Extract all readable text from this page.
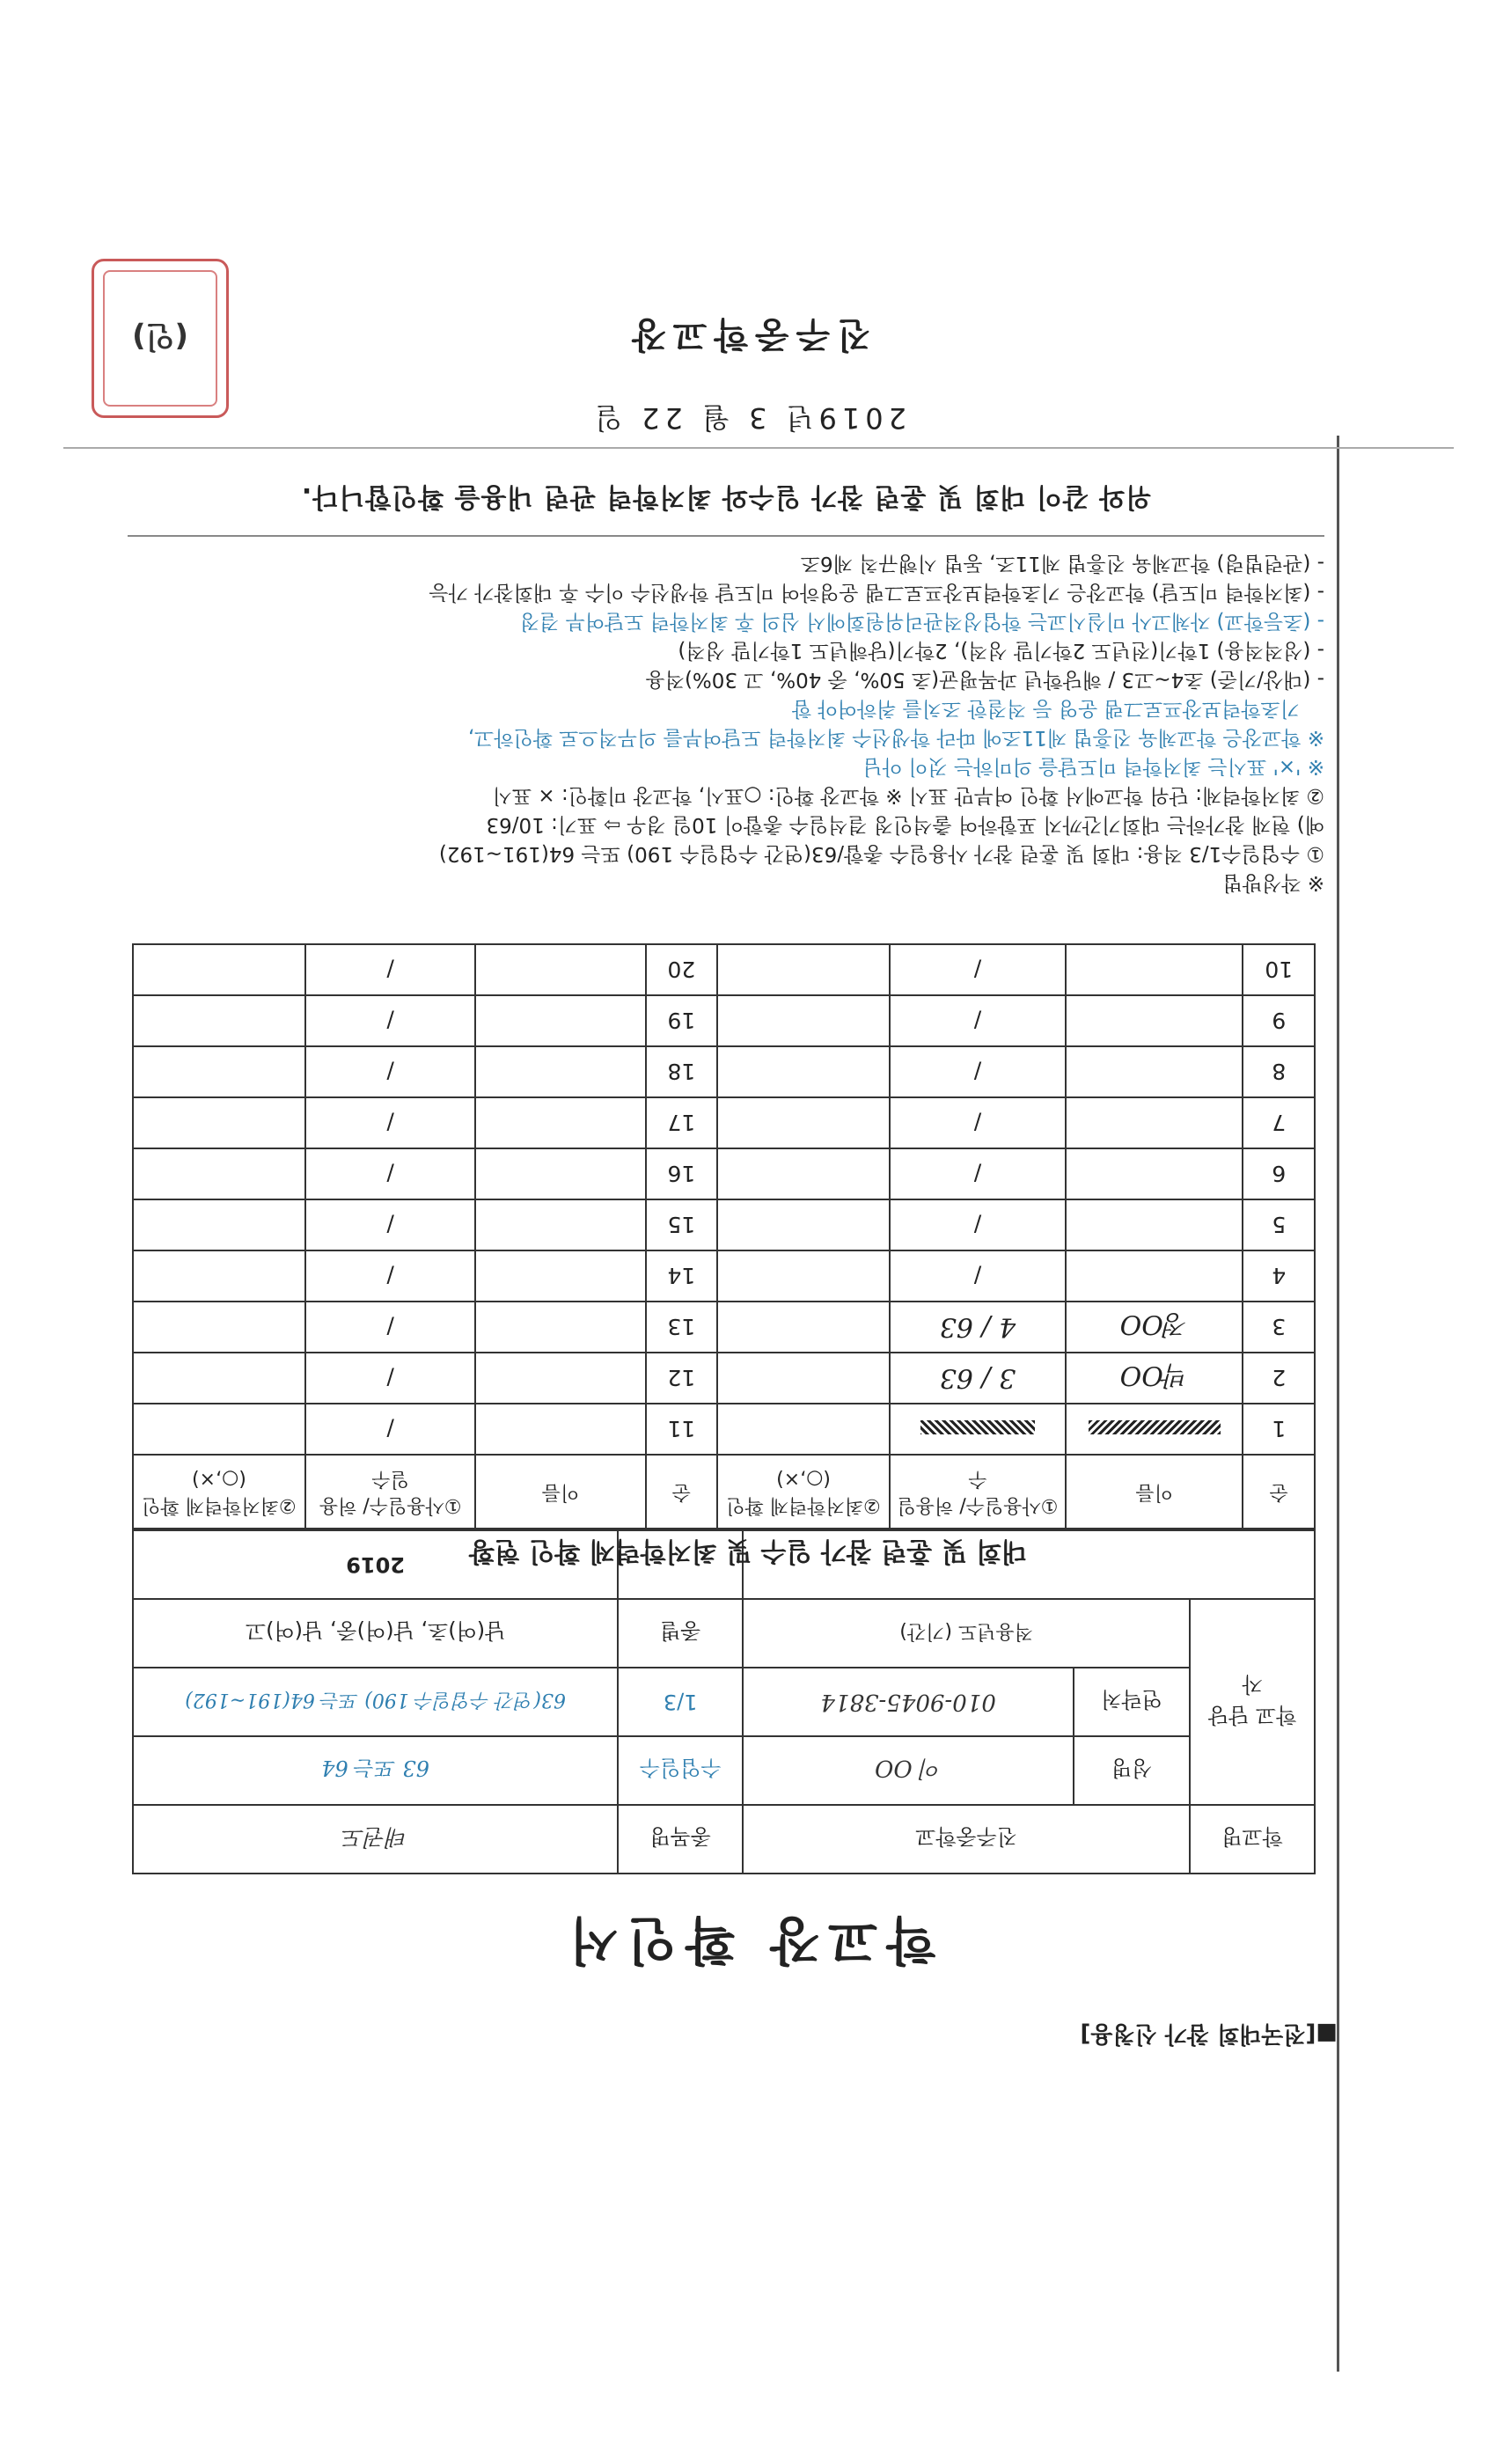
■[전국대회 참가 신청용]
학교장 확인서
학교명	진주중학교		종목명	태권도
학교 담당자	성명	이 OO	수업일수	63 또는 64

	연락처	010-9045-3814	1/3	63(연간 수업일수 190) 또는 64(191~192)
	적용년도 (기간)		종별	남(여)초, 남(여)중, 남(여)고
				2019	대회 및 훈련 참가 일수 및 최저학력제 확인 현황
순	이름	①사용일수/ 허용일수	②최저학력제 확인(○,×)	순	이름	①사용일수/ 허용일수	②최저학력제 확인(○,×)
1				11		/	
2	박OO	3 / 63		12		/	
3	정OO	4 / 63		13		/	
4		/		14		/	
5		/		15		/	
6		/		16		/	
7		/		17		/	
8		/		18		/	
9		/		19		/	
10		/		20		/	
※ 작성방법
① 수업일수1/3 적용: 대회 및 훈련 참가 사용일수 총합/63(연간 수업일수 190) 또는 64(191~192)
예) 현재 참가하는 대회기간까지 포함하여 출석인정 결석일수 총합이 10일 경우 ⇨ 표기: 10/63
② 최저학력제: 단위 학교에서 확인 여부만 표시 ※ 학교장 확인: ○표시, 학교장 미확인: × 표시
※ '×' 표시는 최저학력 미도달을 의미하는 것이 아님
※ 학교장은 학교체육 진흥법 제11조에 따라 학생선수 최저학력 도달여부를 의무적으로 확인하고,
기초학력보장프로그램 운영 등 적절한 조치를 취하여야 함
- (대상/기준) 초4~고3 / 해당학년 과목평균(초 50%, 중 40%, 고 30%)적용
- (성적적용) 1학기(전년도 2학기말 성적), 2학기(당해년도 1학기말 성적)
- (초등학교) 자체고사 미실시교는 학업성적관리위원회에서 심의 후 최저학력 도달여부 결정
- (최저학력 미도달) 학교장은 기초학력보장프로그램 운영하여 미도달 학생선수 이수 후 대회참가 가능
- (관련법령) 학교체육 진흥법 제11조, 동법 시행규칙 제6조
위와 같이 대회 및 훈련 참가 일수와 최저학력 관련 내용을 확인합니다.
2019년 3 월 22 일
진주중학교장
(인)
